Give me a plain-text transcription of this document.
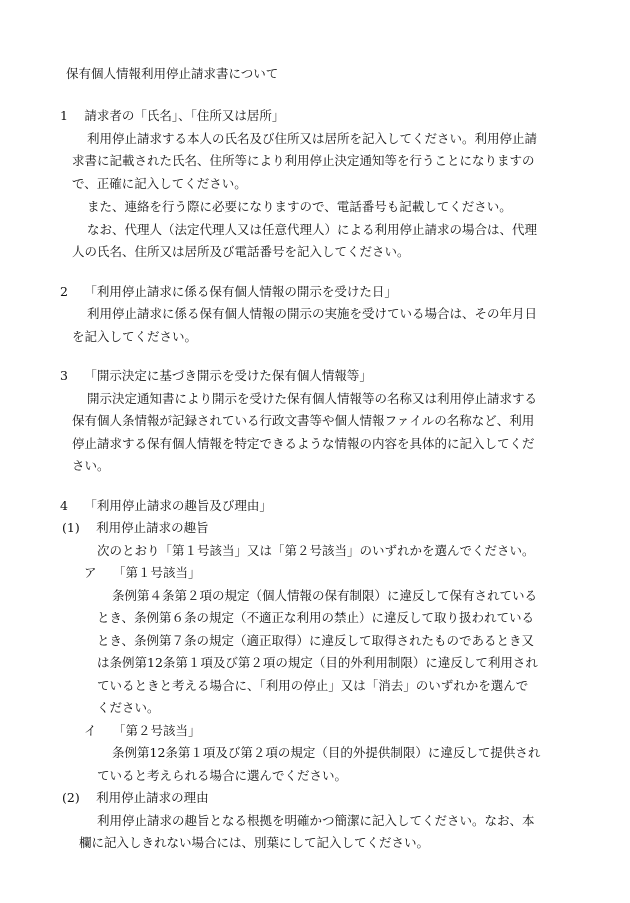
保有個人情報利用停止請求書について

1　 請求者の「氏名」、「住所又は居所」

利用停止請求する本人の氏名及び住所又は居所を記入してください。利用停止請

求書に記載された氏名、住所等により利用停止決定通知等を行うことになりますの

で、正確に記入してください。

また、連絡を行う際に必要になりますので、電話番号も記載してください。

なお、代理人（法定代理人又は任意代理人）による利用停止請求の場合は、代理

人の氏名、住所又は居所及び電話番号を記入してください。

2　 「利用停止請求に係る保有個人情報の開示を受けた日」

利用停止請求に係る保有個人情報の開示の実施を受けている場合は、その年月日

を記入してください。

3　 「開示決定に基づき開示を受けた保有個人情報等」

開示決定通知書により開示を受けた保有個人情報等の名称又は利用停止請求する

保有個人条情報が記録されている行政文書等や個人情報ファイルの名称など、利用

停止請求する保有個人情報を特定できるような情報の内容を具体的に記入してくだ

さい。

4　 「利用停止請求の趣旨及び理由」

(1)　 利用停止請求の趣旨

次のとおり「第１号該当」又は「第２号該当」のいずれかを選んでください。

ア　 「第１号該当」

条例第４条第２項の規定（個人情報の保有制限）に違反して保有されている

とき、条例第６条の規定（不適正な利用の禁止）に違反して取り扱われている

とき、条例第７条の規定（適正取得）に違反して取得されたものであるとき又

は条例第12条第１項及び第２項の規定（目的外利用制限）に違反して利用され

ているときと考える場合に、「利用の停止」又は「消去」のいずれかを選んで

ください。

イ　 「第２号該当」

条例第12条第１項及び第２項の規定（目的外提供制限）に違反して提供され

ていると考えられる場合に選んでください。

(2)　 利用停止請求の理由

利用停止請求の趣旨となる根拠を明確かつ簡潔に記入してください。なお、本

欄に記入しきれない場合には、別葉にして記入してください。
